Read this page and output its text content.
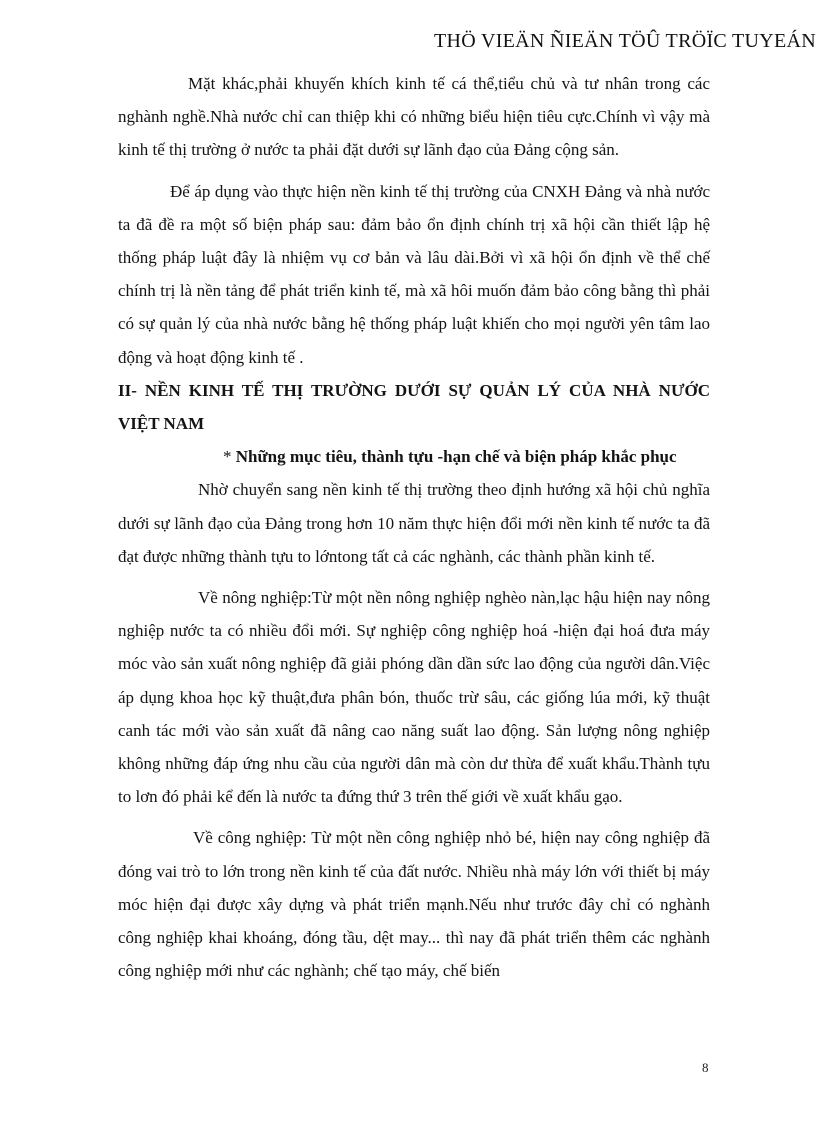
THÖ VIEÄN ÑIEÄN TÖÛ TRÖÏC TUYEÁN

Mặt khác,phải khuyến khích kinh tế cá thể,tiểu chủ và tư nhân trong các nghành nghề.Nhà nước chỉ can thiệp khi có những biểu hiện tiêu cực.Chính vì vậy mà kinh tế thị trường ở nước ta phải đặt dưới sự lãnh đạo của Đảng cộng sản.

Để áp dụng vào thực hiện nền kinh tế thị trường của CNXH Đảng và nhà nước ta đã đề ra một số biện pháp sau: đảm bảo ổn định chính trị xã hội cần thiết lập hệ thống pháp luật đây là nhiệm vụ cơ bản và lâu dài.Bởi vì xã hội ổn định về thể chế chính trị là nền tảng để phát triển kinh tế, mà xã hôi muốn đảm bảo công bằng thì phải có sự quản lý của nhà nước bằng hệ thống pháp luật khiến cho mọi người yên tâm lao động và hoạt động kinh tế .

II- NỀN KINH TẾ THỊ TRƯỜNG DƯỚI SỰ QUẢN LÝ CỦA NHÀ NƯỚC VIỆT NAM

* Những mục tiêu, thành tựu -hạn chế và biện pháp khắc phục

Nhờ chuyển sang nền kinh tế thị trường theo định hướng xã hội chủ nghĩa dưới sự lãnh đạo của Đảng trong hơn 10 năm thực hiện đổi mới nền kinh tế nước ta đã đạt được những thành tựu to lớntong tất cả các nghành, các thành phần kinh tế.

Về nông nghiệp:Từ một nền nông nghiệp nghèo nàn,lạc hậu hiện nay nông nghiệp nước ta có nhiều đổi mới. Sự nghiệp công nghiệp hoá -hiện đại hoá đưa máy móc vào sản xuất nông nghiệp đã giải phóng dần dần sức lao động của người dân.Việc áp dụng khoa học kỹ thuật,đưa phân bón, thuốc trừ sâu, các giống lúa mới, kỹ thuật canh tác mới vào sản xuất đã nâng cao năng suất lao động. Sản lượng nông nghiệp không những đáp ứng nhu cầu của người dân mà còn dư thừa để xuất khẩu.Thành tựu to lơn đó phải kể đến là nước ta đứng thứ 3 trên thế giới về xuất khẩu gạo.

Về công nghiệp: Từ một nền công nghiệp nhỏ bé, hiện nay công nghiệp đã đóng vai trò to lớn trong nền kinh tế của đất nước. Nhiều nhà máy lớn với thiết bị máy móc hiện đại được xây dựng và phát triển mạnh.Nếu như trước đây chỉ có nghành công nghiệp khai khoáng, đóng tầu, dệt may... thì nay đã phát triển thêm các nghành công nghiệp mới như các nghành; chế tạo máy, chế biến

8
